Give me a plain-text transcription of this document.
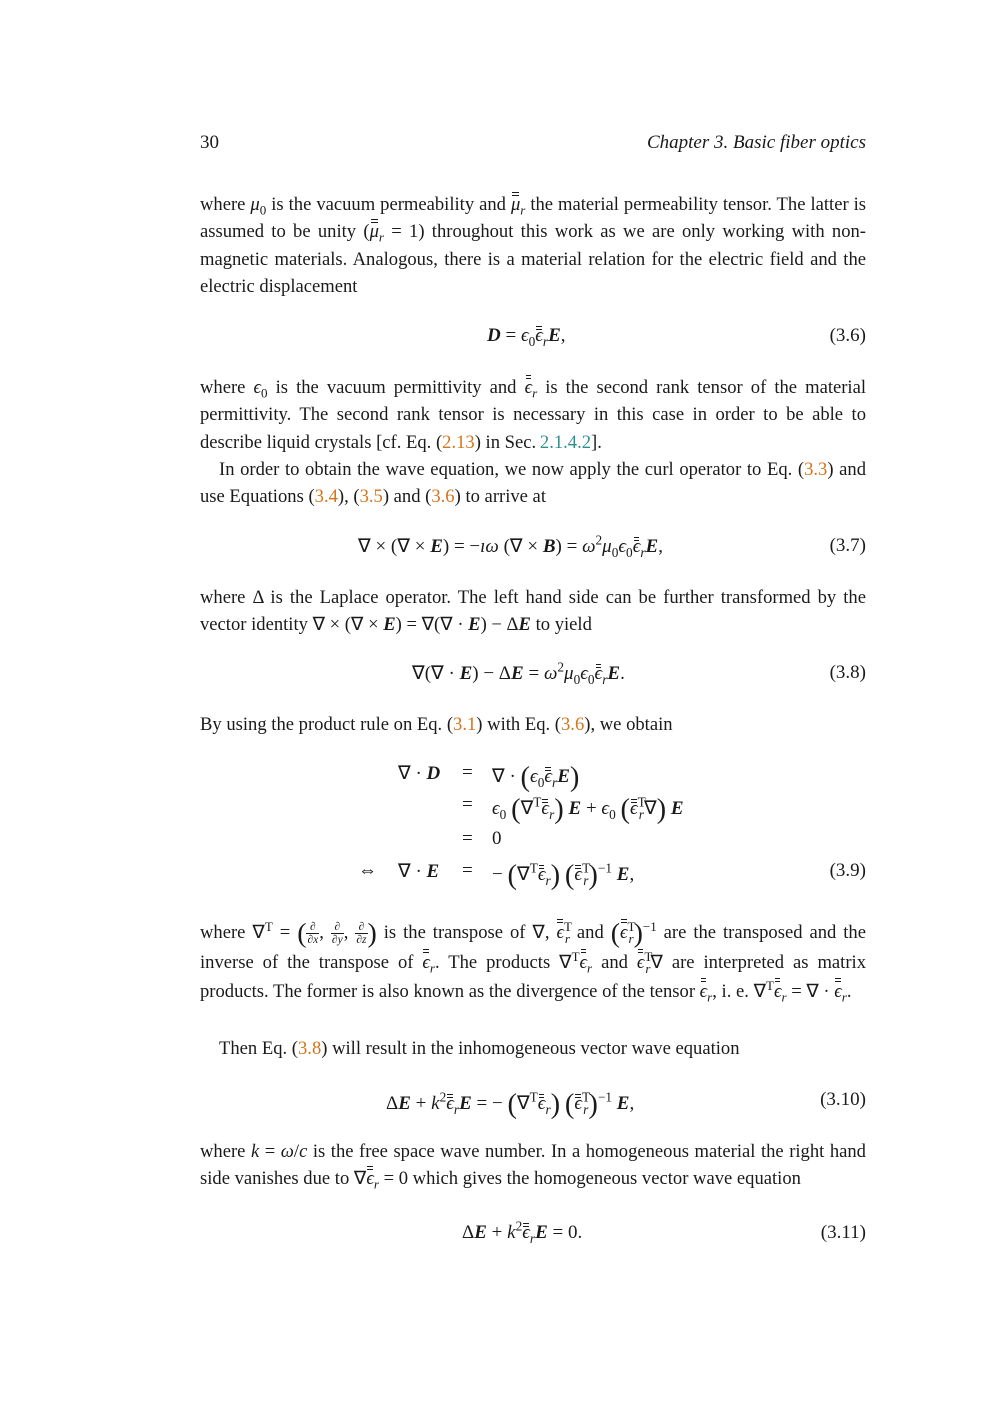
30	Chapter 3. Basic fiber optics
where $\mu_0$ is the vacuum permeability and $\mu_r$ the material permeability tensor. The latter is assumed to be unity $(\mu_r = 1)$ throughout this work as we are only working with non-magnetic materials. Analogous, there is a material relation for the electric field and the electric displacement
$D = \epsilon_0\epsilon_rE$,	(3.6)
where $\epsilon_0$ is the vacuum permittivity and $\epsilon_r$ is the second rank tensor of the material permittivity. The second rank tensor is necessary in this case in order to be able to describe liquid crystals [cf. Eq. (2.13) in Sec.  2.1.4.2].
In order to obtain the wave equation, we now apply the curl operator to Eq. (3.3) and use Equations (3.4), (3.5) and (3.6) to arrive at
∇ × (∇ × E) = −ıω (∇ × $B) = \omega^2\mu_0\epsilon_0\epsilon_rE$,	(3.7)
where Δ is the Laplace operator. The left hand side can be further transformed by the vector identity ∇ × (∇ × E) = ∇(∇ · E) − ΔE to yield
∇(∇ · $E) - \Delta E = \omega^2\mu_0\epsilon_0\epsilon_rE$.	(3.8)
By using the product rule on Eq. (3.1) with Eq. (3.6), we obtain
∇ · D = ∇ · $(\epsilon_0\epsilon_rE)$
= $\epsilon_0$ $(\nabla^T\epsilon_r) E + \epsilon_0$ $(\epsilon^T_r\nabla)$ E
= 0
⇔ ∇ · E = − $(\nabla^T\epsilon_r)$ $(\epsilon^T_r)^{-1}$ E,	(3.9)
where ∇$^T$ = ( $\frac{\partial}{\partial x}$ , $\frac{\partial}{\partial y}$ , $\frac{\partial}{\partial z}$ ) is the transpose of ∇, $\epsilon^T_r$ and $(\epsilon^T_r)^{-1}$ are the transposed and the inverse of the transpose of $\epsilon_r$. The products $\nabla^T\epsilon_r$ and $\epsilon^T_r\nabla$ are interpreted as matrix products. The former is also known as the divergence of the tensor $\epsilon_r$, i. e. $\nabla^T\epsilon_r$ = ∇ · $\epsilon_r$.
Then Eq. (3.8) will result in the inhomogeneous vector wave equation
$\Delta E + k^2\epsilon_rE$ = − $(\nabla^T\epsilon_r)$ $(\epsilon^T_r)^{-1}$ E,	(3.10)
where k = ω/c is the free space wave number. In a homogeneous material the right hand side vanishes due to $\nabla\epsilon_r = 0$ which gives the homogeneous vector wave equation
$\Delta E + k^2\epsilon_rE = 0$.	(3.11)
